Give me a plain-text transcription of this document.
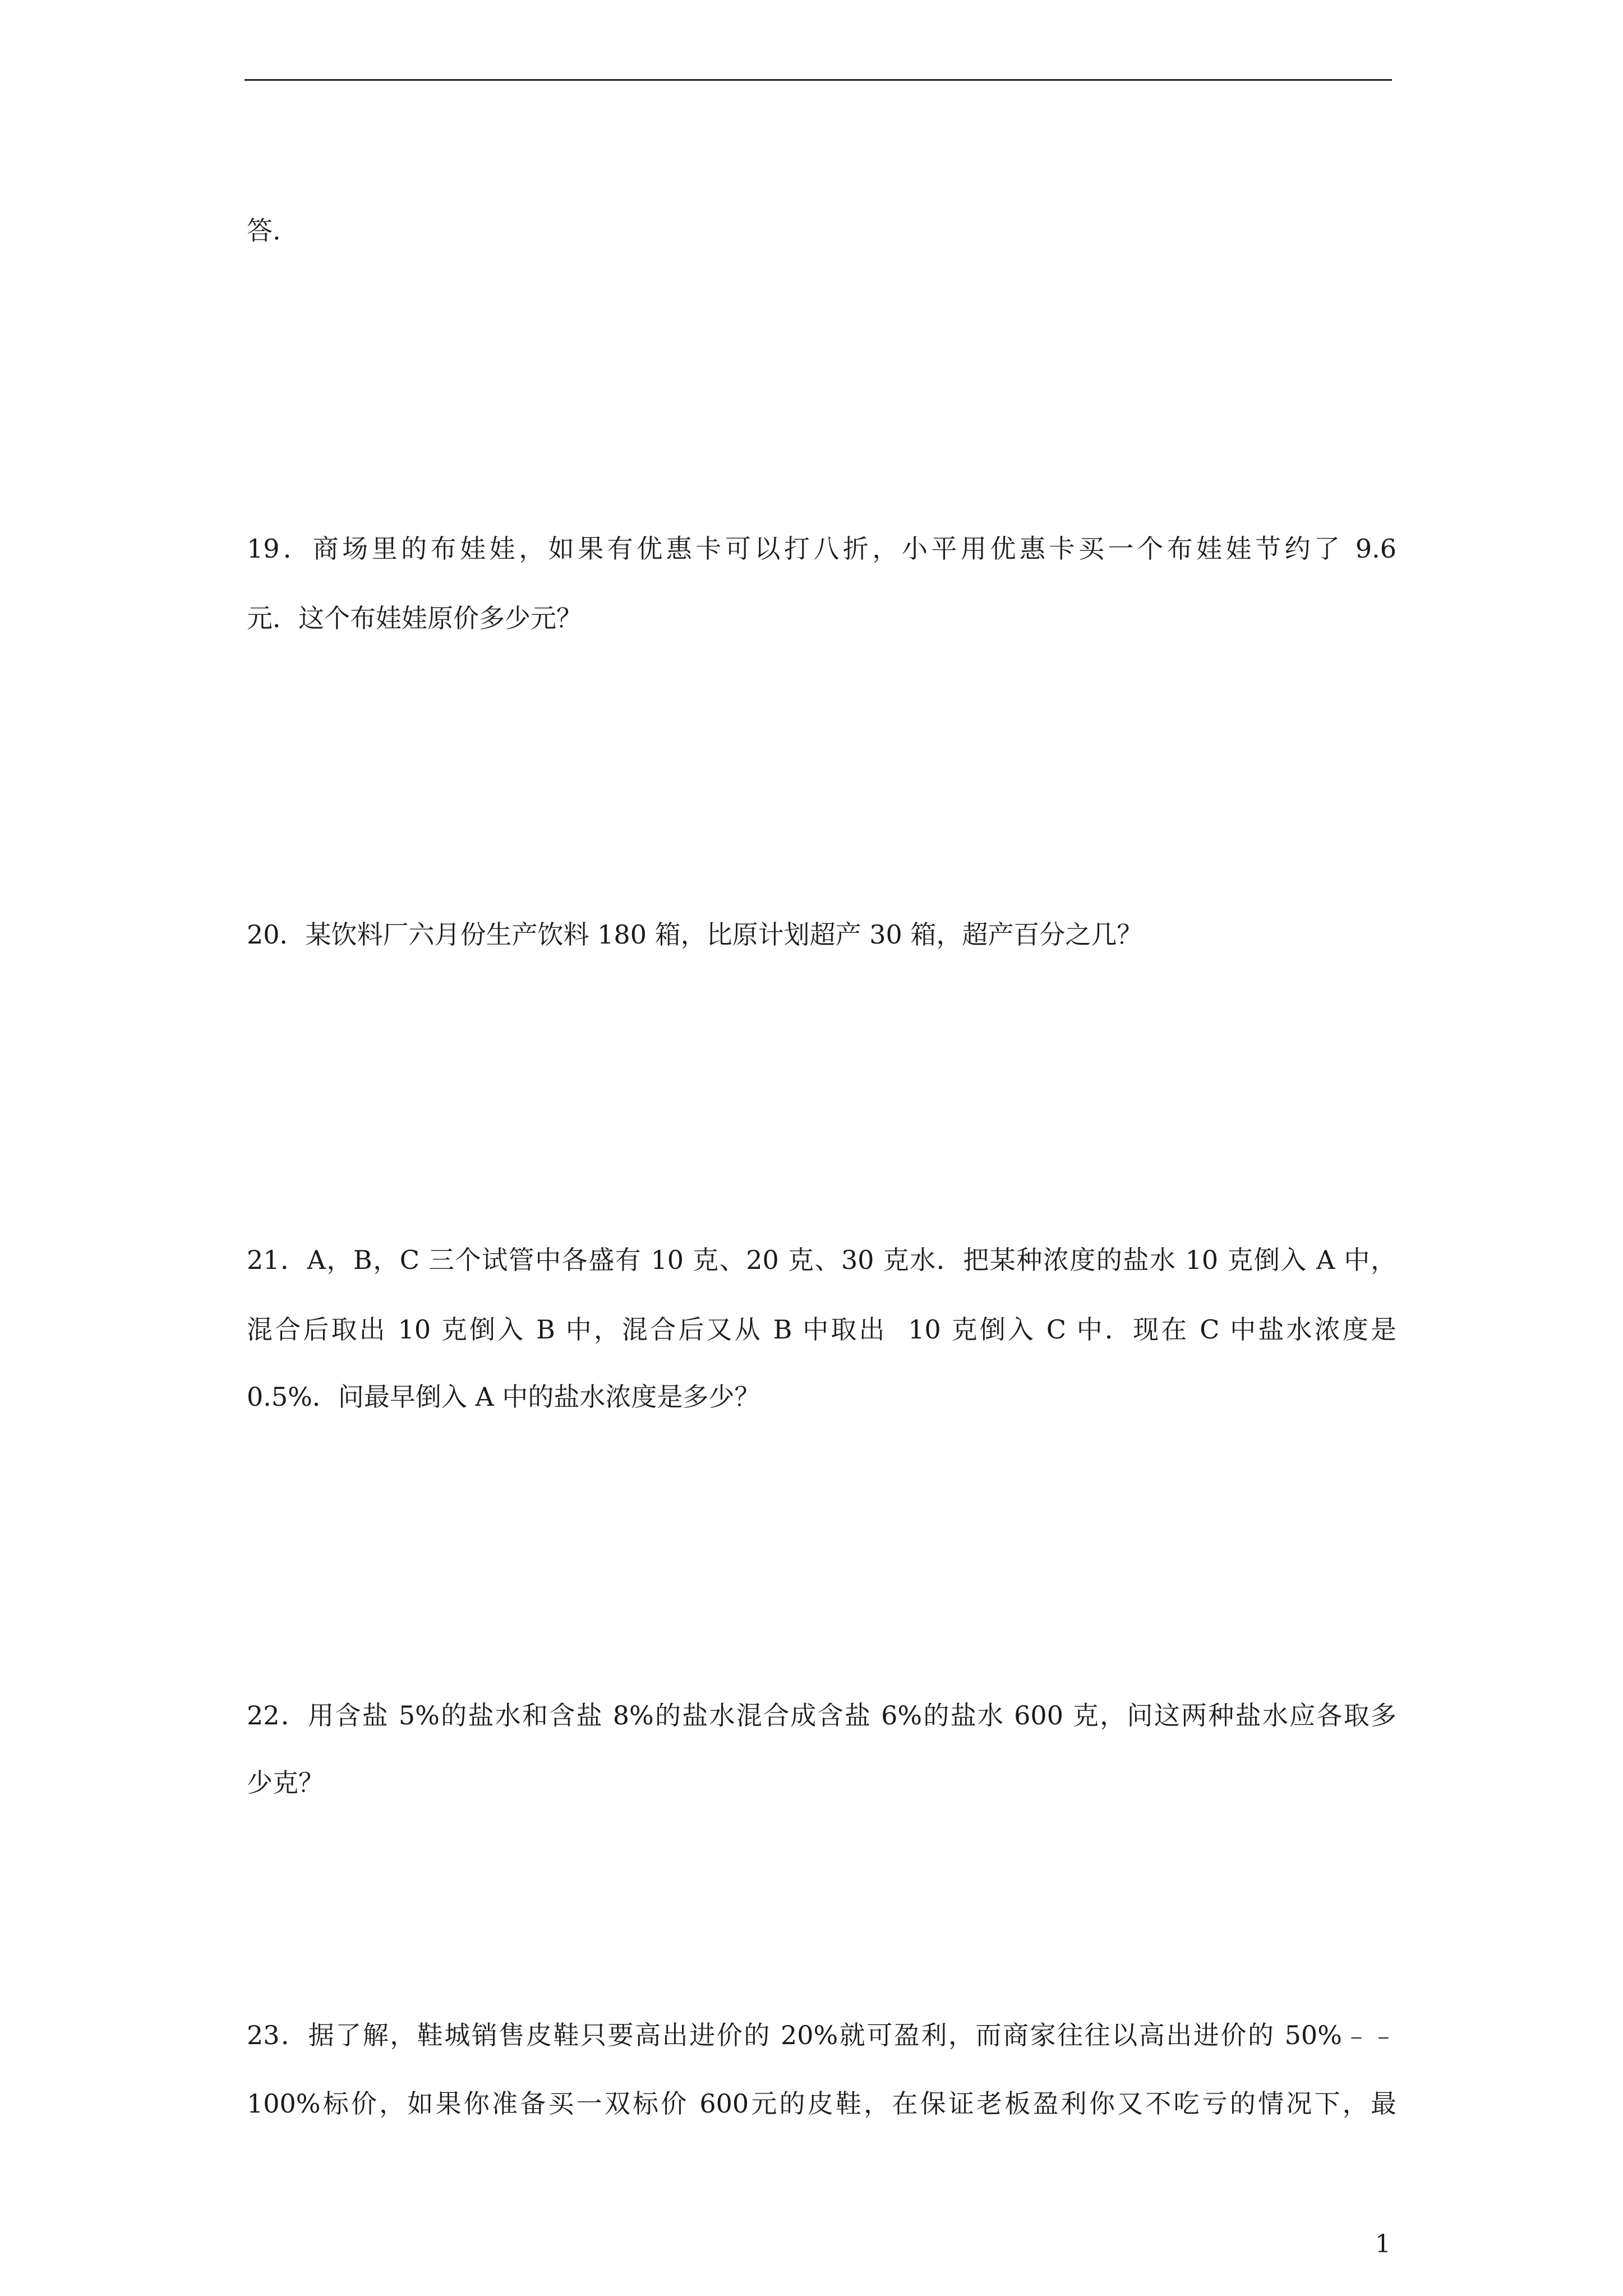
答.
19．商场里的布娃娃，如果有优惠卡可以打八折，小平用优惠卡买一个布娃娃节约了 9.6
元．这个布娃娃原价多少元？
20．某饮料厂六月份生产饮料 180 箱，比原计划超产 30 箱，超产百分之几？
21．A，B，C 三个试管中各盛有 10 克、20 克、30 克水．把某种浓度的盐水 10 克倒入 A 中，
混合后取出 10 克倒入 B 中，混合后又从 B 中取出  10 克倒入 C 中．现在 C 中盐水浓度是
0.5%．问最早倒入 A 中的盐水浓度是多少？
22．用含盐 5%的盐水和含盐 8%的盐水混合成含盐 6%的盐水 600 克，问这两种盐水应各取多
少克？
23．据了解，鞋城销售皮鞋只要高出进价的 20%就可盈利，而商家往往以高出进价的 50%﹣﹣
100%标价，如果你准备买一双标价 600元的皮鞋，在保证老板盈利你又不吃亏的情况下，最
1
